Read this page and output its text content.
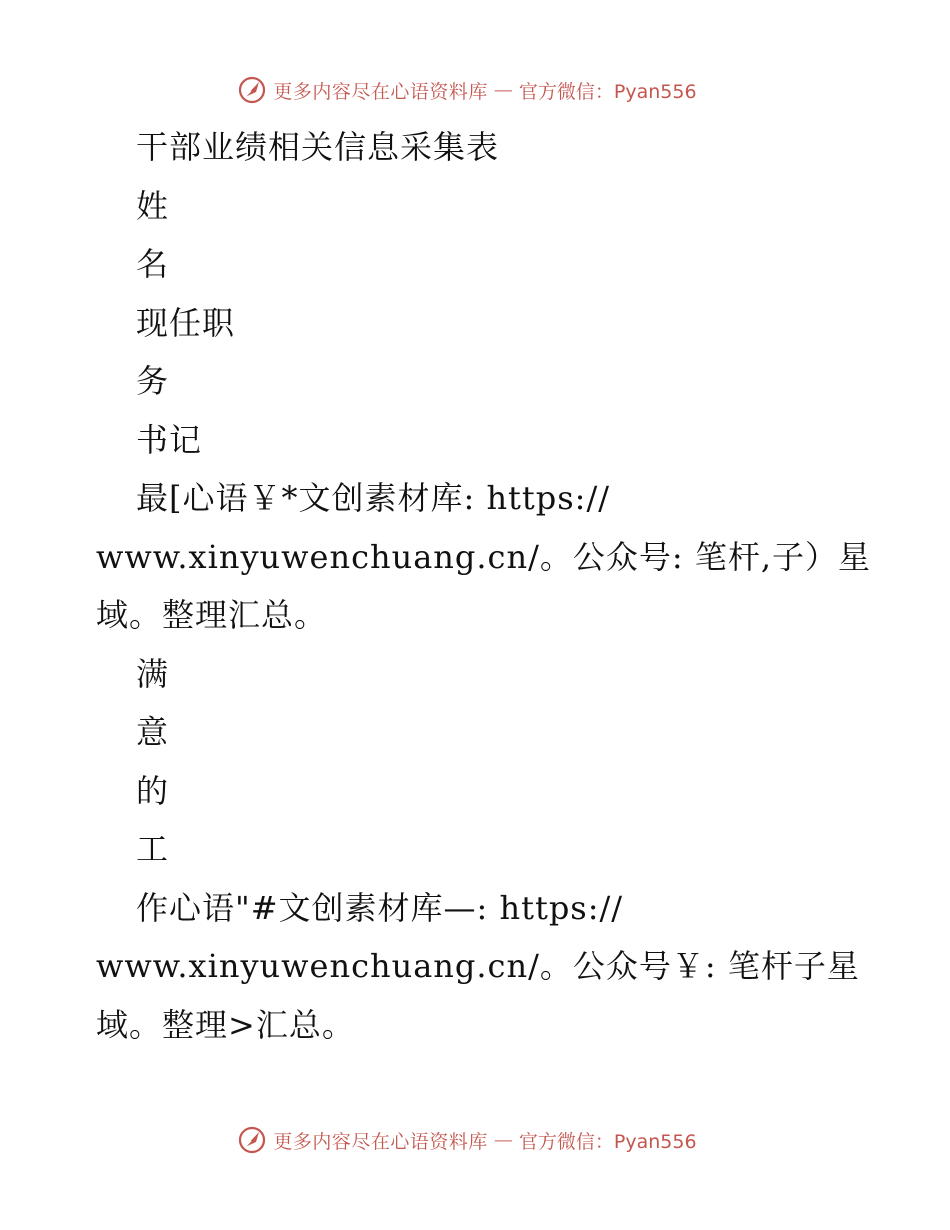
更多内容尽在心语资料库 — 官方微信：Pyan556
干部业绩相关信息采集表
姓
名
现任职
务
书记
最[心语￥*文创素材库: https://
www.xinyuwenchuang.cn/。公众号: 笔杆,子）星
域。整理汇总。
满
意
的
工
作心语"#文创素材库—: https://
www.xinyuwenchuang.cn/。公众号￥: 笔杆子星
域。整理>汇总。
更多内容尽在心语资料库 — 官方微信：Pyan556
